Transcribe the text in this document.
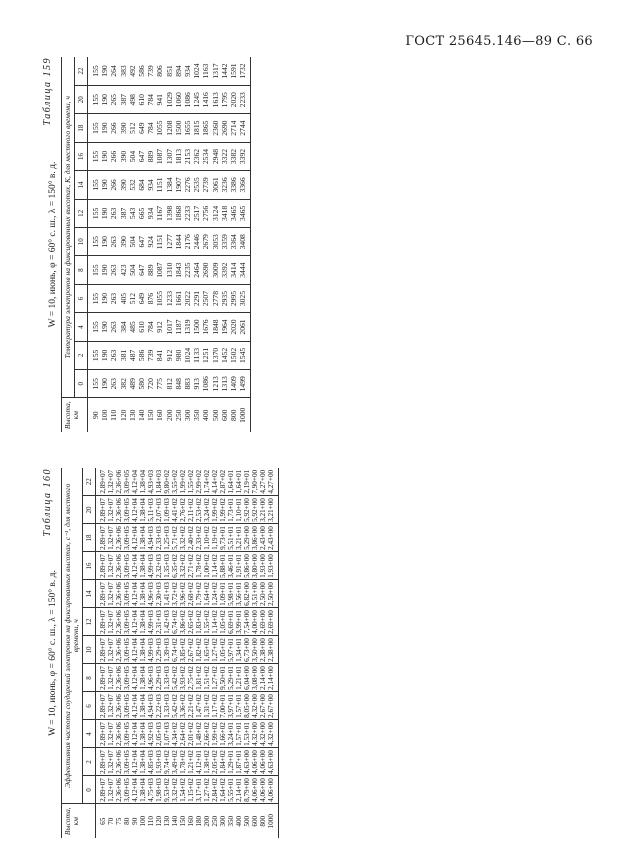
ГОСТ 25645.146—89 С. 66
Таблица 159
W = 10, июнь, φ = 60° с. ш., λ = 150° в. д.
Высота, км	Температура электронов на фиксированных высотах, К, для местного времени, ч											
	0	2	4	6	8	10	12	14	16	18	20	22
90	155	155	155	155	155	155	155	155	155	155	155	155
100	190	190	190	190	190	190	190	190	190	190	190	190
110	263	263	263	263	263	263	263	266	266	266	265	264
120	382	381	384	405	423	390	387	390	390	390	387	383
130	489	487	485	512	504	504	543	532	504	512	498	492
140	580	586	610	649	647	647	665	684	647	649	610	586
150	720	739	784	876	889	924	934	934	889	784	784	739
160	775	841	912	1055	1087	1151	1167	1151	1087	1055	941	806
200	812	912	1017	1233	1310	1277	1398	1384	1307	1208	1029	851
250	848	980	1187	1661	1843	1844	1868	1907	1813	1500	1060	894
300	883	1024	1319	2022	2235	2176	2233	2276	2153	1655	1086	934
350	913	1133	1500	2291	2464	2446	2517	2535	2362	1815	1245	1024
400	1086	1251	1676	2507	2690	2679	2756	2739	2534	1865	1416	1163
500	1213	1370	1848	2778	3009	3053	3124	3061	2948	2360	1613	1317
600	1313	1452	1964	2935	3392	3359	3418	3236	3322	2690	1795	1442
800	1409	1502	2020	2995	3414	3364	3465	3386	3382	2714	2020	1591
1000	1499	1545	2061	3025	3444	3408	3465	3366	3392	2744	2233	1732
Таблица 160
W = 10, июнь, φ = 60° с. ш., λ = 150° в. д.
Высота, км	Эффективная частота соударений электронов на фиксированных высотах, с⁻¹, для местного времени, ч											
	0	2	4	6	8	10	12	14	16	18	20	22
65	2,89+07	2,89+07	2,89+07	2,89+07	2,89+07	2,89+07	2,89+07	2,89+07	2,89+07	2,89+07	2,89+07	2,89+07
70	1,32+07	1,32+07	1,32+07	1,32+07	1,32+07	1,32+07	1,32+07	1,32+07	1,32+07	1,32+07	1,32+07	1,32+07
75	2,36+06	2,36+06	2,36+06	2,36+06	2,36+06	2,36+06	2,36+06	2,36+06	2,36+06	2,36+06	2,36+06	2,36+06
80	3,09+05	3,09+05	3,09+05	3,09+05	3,09+05	3,09+05	3,09+05	3,09+05	3,09+05	3,09+05	3,09+05	3,09+05
90	4,12+04	4,12+04	4,12+04	4,12+04	4,12+04	4,12+04	4,12+04	4,12+04	4,12+04	4,12+04	4,12+04	4,12+04
100	1,38+04	1,38+04	1,38+04	1,38+04	1,38+04	1,38+04	1,38+04	1,38+04	1,38+04	1,38+04	1,38+04	1,38+04
110	4,75+03	4,85+03	4,92+03	4,94+03	4,96+03	4,99+03	4,99+03	4,96+03	4,99+03	4,94+03	5,11+03	4,93+03
120	1,98+03	1,93+03	2,05+03	2,22+03	2,29+03	2,29+03	2,31+03	2,30+03	2,32+03	2,33+03	2,07+03	1,84+03
130	9,53+02	9,74+02	1,07+03	1,33+03	1,33+03	1,39+03	1,42+03	1,41+03	1,35+03	1,25+03	1,09+03	9,80+02
140	3,32+02	3,49+02	4,34+02	5,42+02	5,42+02	6,74+02	6,74+02	3,72+02	6,35+02	5,71+02	4,41+02	3,55+02
150	1,54+02	1,78+02	2,64+02	3,36+02	3,93+02	3,85+02	3,86+02	3,96+02	3,32+02	3,32+02	2,76+02	1,99+02
160	1,15+02	1,21+02	2,01+02	2,21+02	2,75+02	2,67+02	2,65+02	2,68+02	2,71+02	2,40+02	2,11+02	1,55+02
180	3,17+01	4,12+01	1,48+02	1,47+02	1,81+02	1,82+02	1,83+02	1,79+02	1,78+02	2,33+02	2,53+02	2,99+02
200	1,27+02	1,38+02	2,66+02	1,31+02	1,51+02	1,65+02	1,55+02	1,64+02	1,00+02	1,10+02	3,24+02	1,74+02
250	2,84+02	2,05+02	1,99+02	1,17+02	1,27+02	1,27+02	1,14+02	1,24+02	1,14+02	1,19+02	1,99+02	4,14+02
300	1,64+02	1,84+02	1,66+02	7,00+01	9,50+01	1,05+02	1,05+02	1,09+01	5,88+01	9,73+01	1,99+02	2,87+02
350	5,55+01	1,29+01	3,24+01	3,97+01	5,29+01	5,97+01	6,69+01	5,98+01	3,46+01	5,51+01	1,73+01	1,64+01
400	2,14+01	1,87+01	1,57+01	1,57+01	1,21+01	1,34+01	3,99+01	3,56+01	1,91+01	3,21+01	1,10+01	1,64+01
500	8,79+00	4,63+00	1,53+01	8,05+00	6,04+00	6,73+00	7,54+00	6,82+00	5,86+00	5,29+00	5,92+00	2,19+01
600	4,06+00	4,06+00	4,32+00	4,32+00	3,08+00	3,50+00	4,00+00	3,51+00	3,80+00	3,86+00	5,92+00	7,90+00
800	4,06+00	4,06+00	4,32+00	2,67+00	2,14+00	2,38+00	2,69+00	2,50+00	1,93+00	2,43+00	3,21+00	4,27+00
1000	4,06+00	4,63+00	4,32+00	2,67+00	2,14+00	2,38+00	2,69+00	2,50+00	1,93+00	2,43+00	3,21+00	4,27+00
